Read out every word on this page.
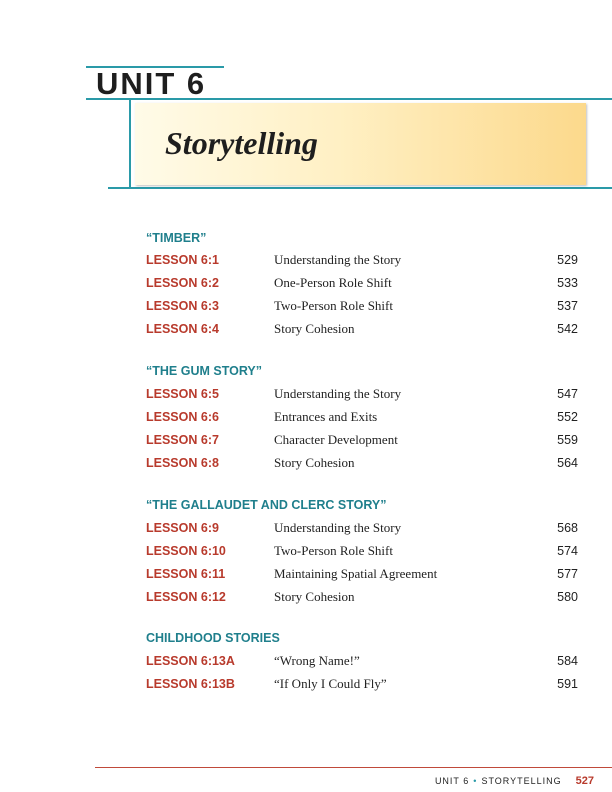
UNIT 6
Storytelling
“TIMBER”
LESSON 6:1	Understanding the Story	529
LESSON 6:2	One-Person Role Shift	533
LESSON 6:3	Two-Person Role Shift	537
LESSON 6:4	Story Cohesion	542
“THE GUM STORY”
LESSON 6:5	Understanding the Story	547
LESSON 6:6	Entrances and Exits	552
LESSON 6:7	Character Development	559
LESSON 6:8	Story Cohesion	564
“THE GALLAUDET AND CLERC STORY”
LESSON 6:9	Understanding the Story	568
LESSON 6:10	Two-Person Role Shift	574
LESSON 6:11	Maintaining Spatial Agreement	577
LESSON 6:12	Story Cohesion	580
CHILDHOOD STORIES
LESSON 6:13A	“Wrong Name!”	584
LESSON 6:13B	“If Only I Could Fly”	591
UNIT 6 • STORYTELLING 527
